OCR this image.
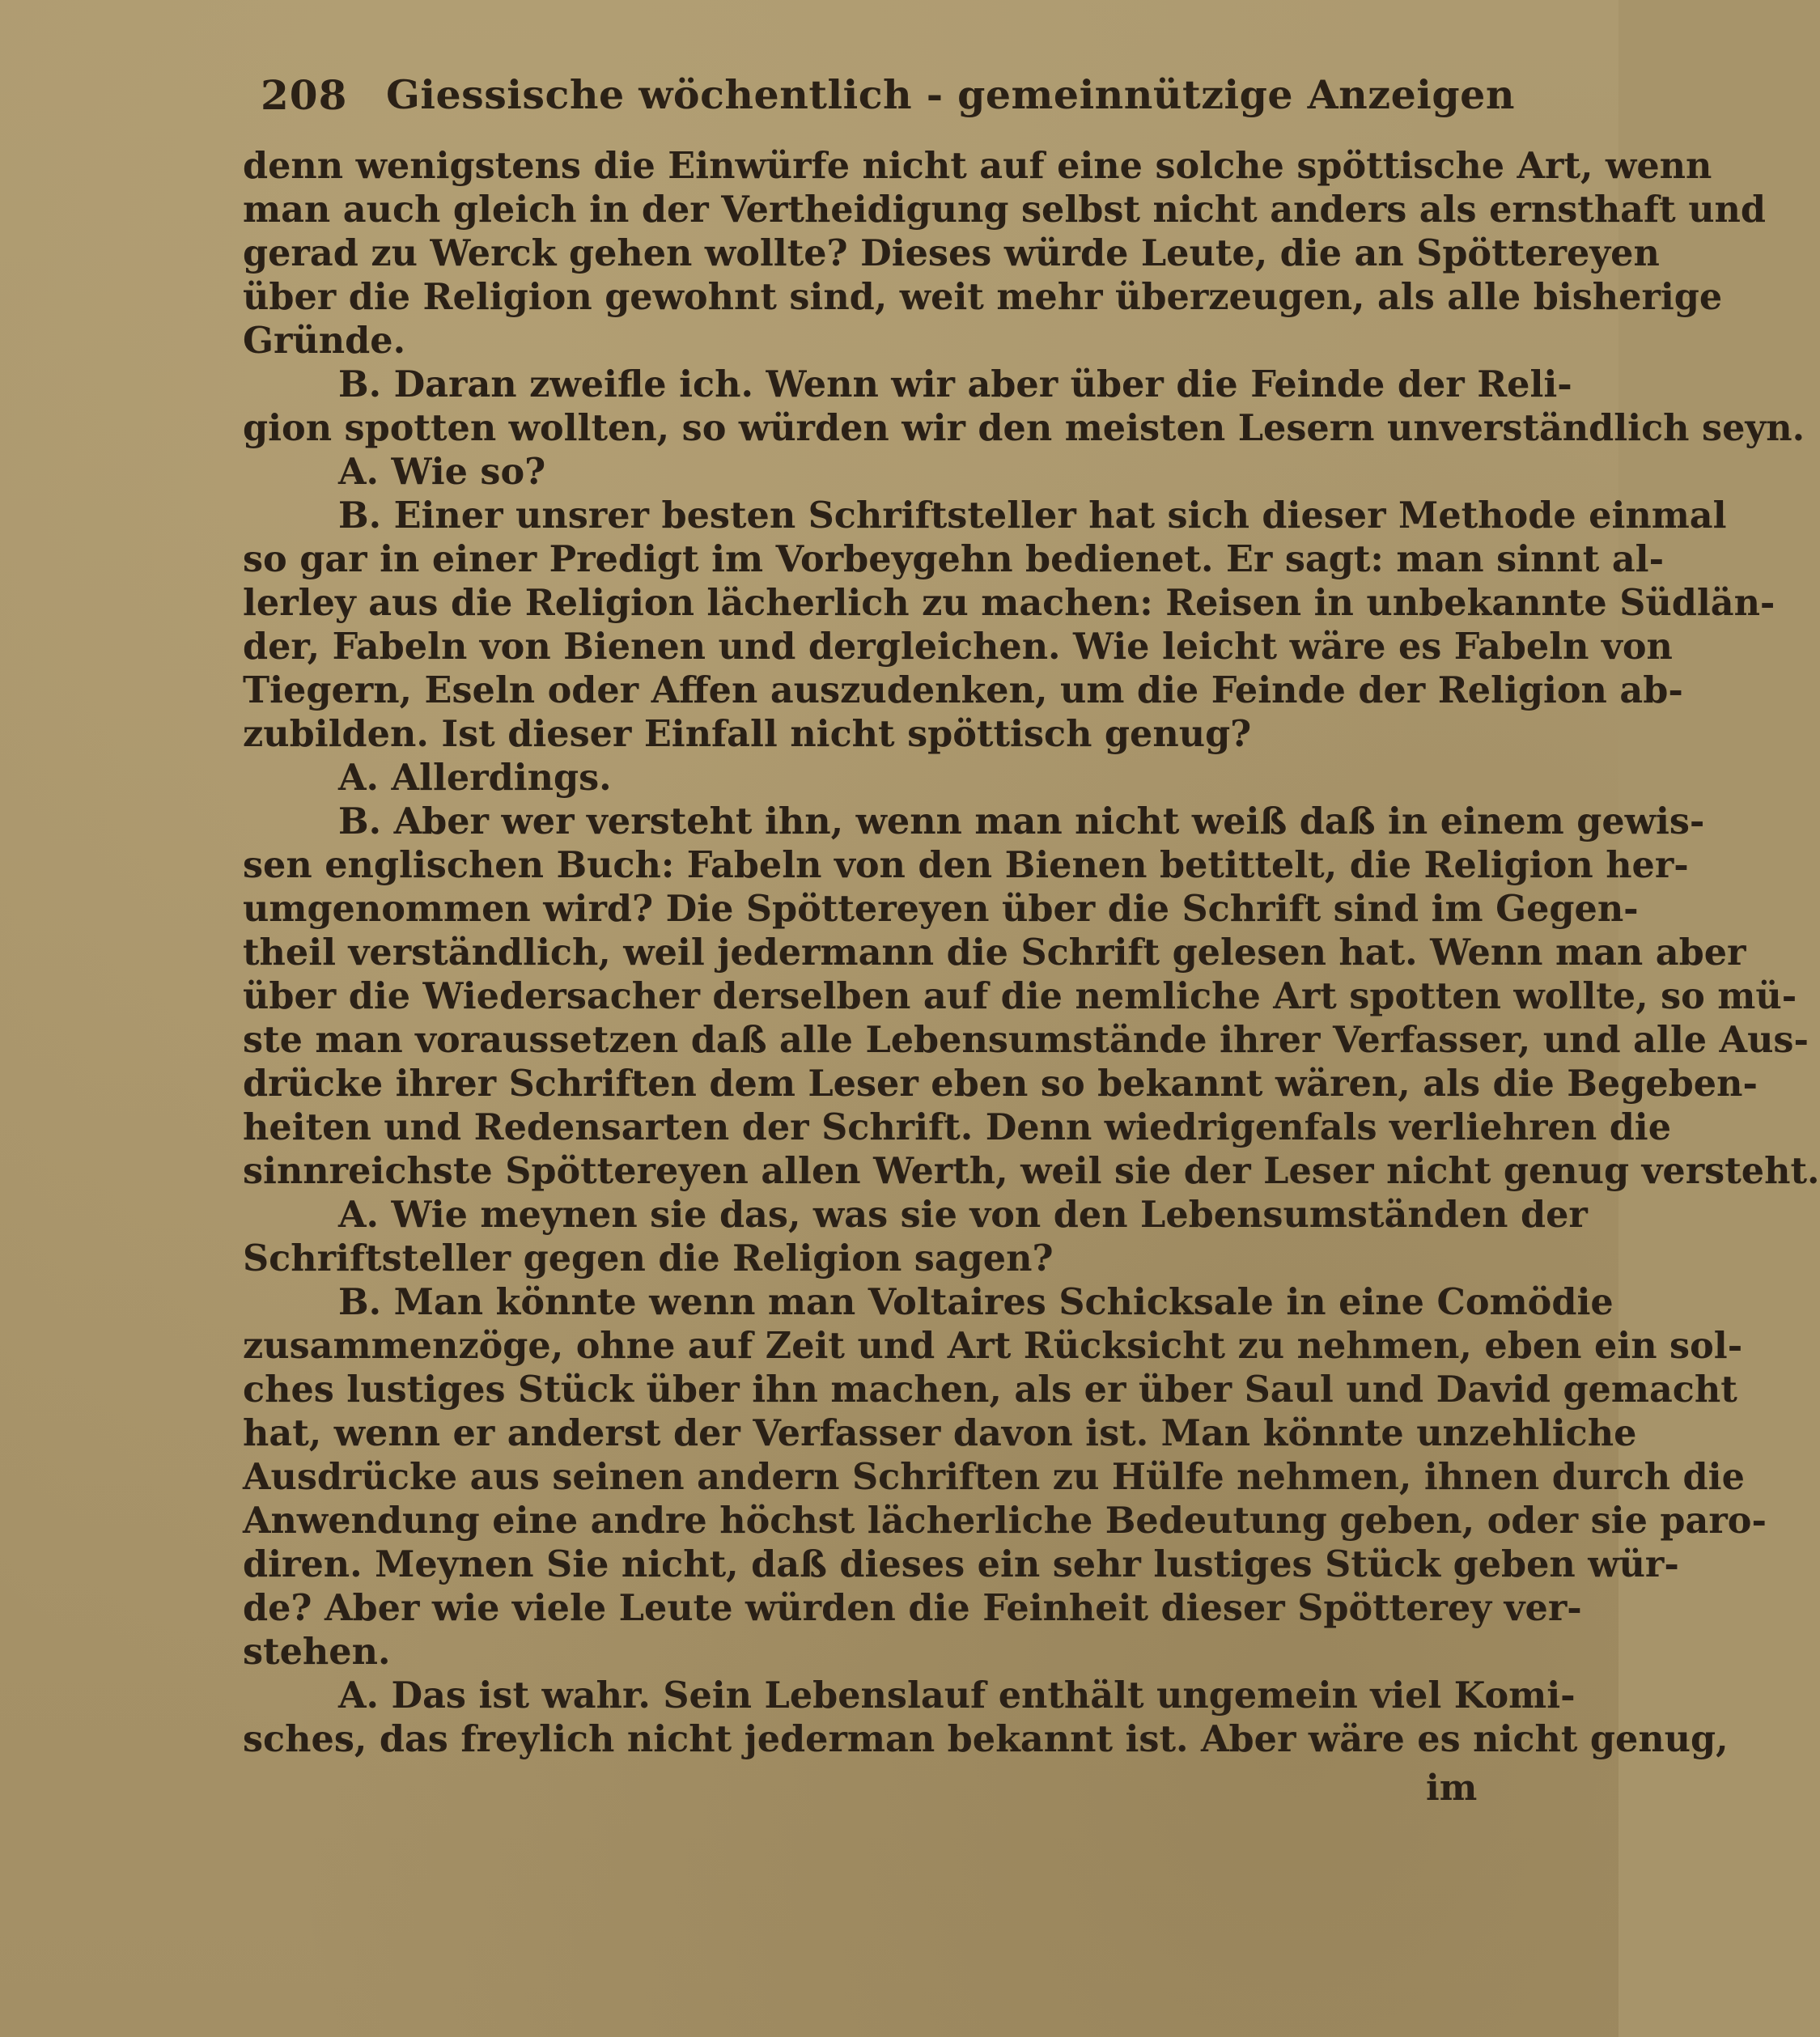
208 Giessische wöchentlich - gemeinnützige Anzeigen
denn wenigstens die Einwürfe nicht auf eine solche spöttische Art, wenn
man auch gleich in der Vertheidigung selbst nicht anders als ernsthaft und
gerad zu Werck gehen wollte? Dieses würde Leute, die an Spöttereyen
über die Religion gewohnt sind, weit mehr überzeugen, als alle bisherige
Gründe.
B. Daran zweifle ich. Wenn wir aber über die Feinde der Reli-
gion spotten wollten, so würden wir den meisten Lesern unverständlich seyn.
A. Wie so?
B. Einer unsrer besten Schriftsteller hat sich dieser Methode einmal
so gar in einer Predigt im Vorbeygehn bedienet. Er sagt: man sinnt al-
lerley aus die Religion lächerlich zu machen: Reisen in unbekannte Südlän-
der, Fabeln von Bienen und dergleichen. Wie leicht wäre es Fabeln von
Tiegern, Eseln oder Affen auszudenken, um die Feinde der Religion ab-
zubilden. Ist dieser Einfall nicht spöttisch genug?
A. Allerdings.
B. Aber wer versteht ihn, wenn man nicht weiß daß in einem gewis-
sen englischen Buch: Fabeln von den Bienen betittelt, die Religion her-
umgenommen wird? Die Spöttereyen über die Schrift sind im Gegen-
theil verständlich, weil jedermann die Schrift gelesen hat. Wenn man aber
über die Wiedersacher derselben auf die nemliche Art spotten wollte, so mü-
ste man voraussetzen daß alle Lebensumstände ihrer Verfasser, und alle Aus-
drücke ihrer Schriften dem Leser eben so bekannt wären, als die Begeben-
heiten und Redensarten der Schrift. Denn wiedrigenfals verliehren die
sinnreichste Spöttereyen allen Werth, weil sie der Leser nicht genug versteht.
A. Wie meynen sie das, was sie von den Lebensumständen der
Schriftsteller gegen die Religion sagen?
B. Man könnte wenn man Voltaires Schicksale in eine Comödie
zusammenzöge, ohne auf Zeit und Art Rücksicht zu nehmen, eben ein sol-
ches lustiges Stück über ihn machen, als er über Saul und David gemacht
hat, wenn er anderst der Verfasser davon ist. Man könnte unzehliche
Ausdrücke aus seinen andern Schriften zu Hülfe nehmen, ihnen durch die
Anwendung eine andre höchst lächerliche Bedeutung geben, oder sie paro-
diren. Meynen Sie nicht, daß dieses ein sehr lustiges Stück geben wür-
de? Aber wie viele Leute würden die Feinheit dieser Spötterey ver-
stehen.
A. Das ist wahr. Sein Lebenslauf enthält ungemein viel Komi-
sches, das freylich nicht jederman bekannt ist. Aber wäre es nicht genug,
im
